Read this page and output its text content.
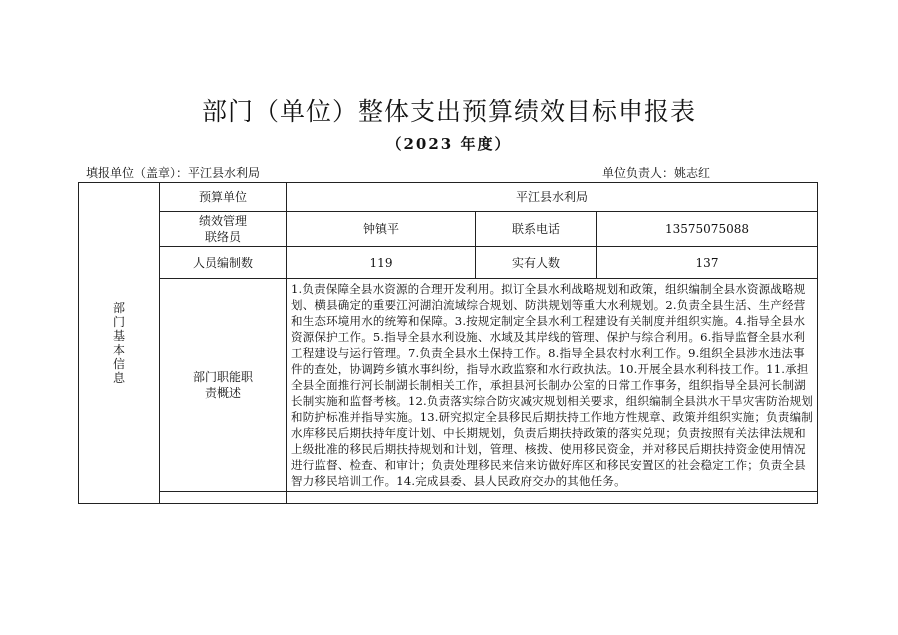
部门（单位）整体支出预算绩效目标申报表
（2023 年度）
填报单位（盖章）：平江县水利局	单位负责人：姚志红
部门基本信息	预算单位	平江县水利局		
	绩效管理联络员	钟镇平	联系电话	13575075088
	人员编制数	119	实有人数	137
	部门职能职责概述	1.负责保障全县水资源的合理开发利用。拟订全县水利战略规划和政策，组织编制全县水资源战略规划、横县确定的重要江河湖泊流域综合规划、防洪规划等重大水利规划。2.负责全县生活、生产经营和生态环境用水的统筹和保障。3.按规定制定全县水利工程建设有关制度并组织实施。4.指导全县水资源保护工作。5.指导全县水利设施、水域及其岸线的管理、保护与综合利用。6.指导监督全县水利工程建设与运行管理。7.负责全县水土保持工作。8.指导全县农村水利工作。9.组织全县涉水违法事件的查处，协调跨乡镇水事纠纷，指导水政监察和水行政执法。10.开展全县水利科技工作。11.承担全县全面推行河长制湖长制相关工作，承担县河长制办公室的日常工作事务，组织指导全县河长制湖长制实施和监督考核。12.负责落实综合防灾减灾规划相关要求，组织编制全县洪水干旱灾害防治规划和防护标准并指导实施。13.研究拟定全县移民后期扶持工作地方性规章、政策并组织实施；负责编制水库移民后期扶持年度计划、中长期规划，负责后期扶持政策的落实兑现；负责按照有关法律法规和上级批准的移民后期扶持规划和计划，管理、核拨、使用移民资金，并对移民后期扶持资金使用情况进行监督、检查、和审计；负责处理移民来信来访做好库区和移民安置区的社会稳定工作；负责全县智力移民培训工作。14.完成县委、县人民政府交办的其他任务。		
